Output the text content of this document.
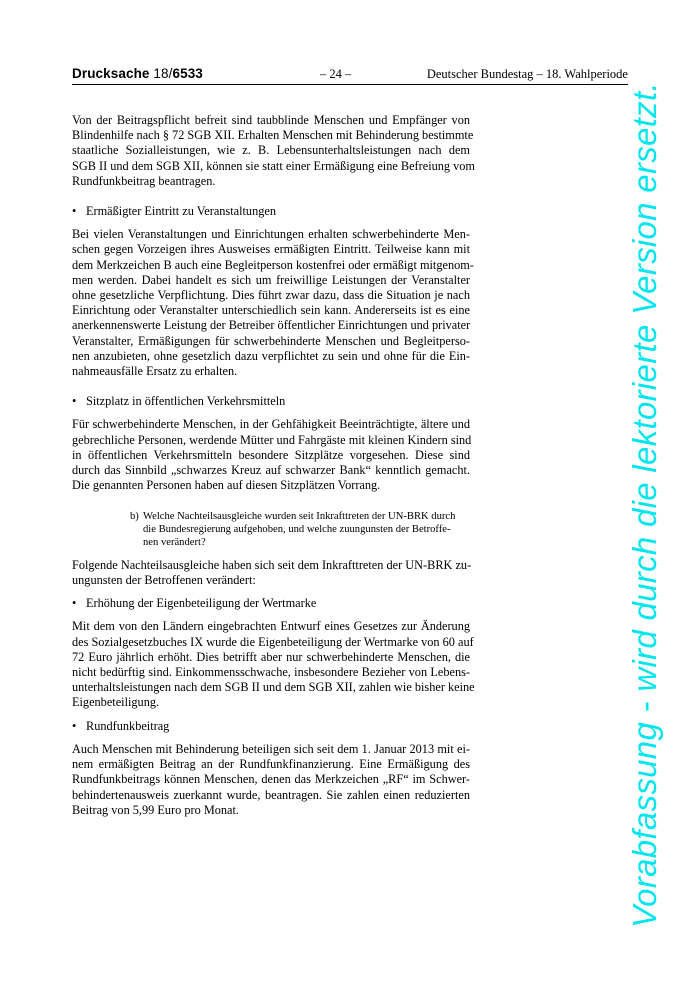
Drucksache 18/6533	– 24 –	Deutscher Bundestag – 18. Wahlperiode
Von der Beitragspflicht befreit sind taubblinde Menschen und Empfänger von
Blindenhilfe nach § 72 SGB XII. Erhalten Menschen mit Behinderung bestimmte
staatliche Sozialleistungen, wie z. B. Lebensunterhaltsleistungen nach dem
SGB II und dem SGB XII, können sie statt einer Ermäßigung eine Befreiung vom
Rundfunkbeitrag beantragen.
• Ermäßigter Eintritt zu Veranstaltungen
Bei vielen Veranstaltungen und Einrichtungen erhalten schwerbehinderte Men-
schen gegen Vorzeigen ihres Ausweises ermäßigten Eintritt. Teilweise kann mit
dem Merkzeichen B auch eine Begleitperson kostenfrei oder ermäßigt mitgenom-
men werden. Dabei handelt es sich um freiwillige Leistungen der Veranstalter
ohne gesetzliche Verpflichtung. Dies führt zwar dazu, dass die Situation je nach
Einrichtung oder Veranstalter unterschiedlich sein kann. Andererseits ist es eine
anerkennenswerte Leistung der Betreiber öffentlicher Einrichtungen und privater
Veranstalter, Ermäßigungen für schwerbehinderte Menschen und Begleitperso-
nen anzubieten, ohne gesetzlich dazu verpflichtet zu sein und ohne für die Ein-
nahmeausfälle Ersatz zu erhalten.
• Sitzplatz in öffentlichen Verkehrsmitteln
Für schwerbehinderte Menschen, in der Gehfähigkeit Beeinträchtigte, ältere und
gebrechliche Personen, werdende Mütter und Fahrgäste mit kleinen Kindern sind
in öffentlichen Verkehrsmitteln besondere Sitzplätze vorgesehen. Diese sind
durch das Sinnbild „schwarzes Kreuz auf schwarzer Bank“ kenntlich gemacht.
Die genannten Personen haben auf diesen Sitzplätzen Vorrang.
b) Welche Nachteilsausgleiche wurden seit Inkrafttreten der UN-BRK durch
die Bundesregierung aufgehoben, und welche zuungunsten der Betroffe-
nen verändert?
Folgende Nachteilsausgleiche haben sich seit dem Inkrafttreten der UN-BRK zu-
ungunsten der Betroffenen verändert:
• Erhöhung der Eigenbeteiligung der Wertmarke
Mit dem von den Ländern eingebrachten Entwurf eines Gesetzes zur Änderung
des Sozialgesetzbuches IX wurde die Eigenbeteiligung der Wertmarke von 60 auf
72 Euro jährlich erhöht. Dies betrifft aber nur schwerbehinderte Menschen, die
nicht bedürftig sind. Einkommensschwache, insbesondere Bezieher von Lebens-
unterhaltsleistungen nach dem SGB II und dem SGB XII, zahlen wie bisher keine
Eigenbeteiligung.
• Rundfunkbeitrag
Auch Menschen mit Behinderung beteiligen sich seit dem 1. Januar 2013 mit ei-
nem ermäßigten Beitrag an der Rundfunkfinanzierung. Eine Ermäßigung des
Rundfunkbeitrags können Menschen, denen das Merkzeichen „RF“ im Schwer-
behindertenausweis zuerkannt wurde, beantragen. Sie zahlen einen reduzierten
Beitrag von 5,99 Euro pro Monat.	Vorabfassung - wird durch die lektorierte Version ersetzt.
